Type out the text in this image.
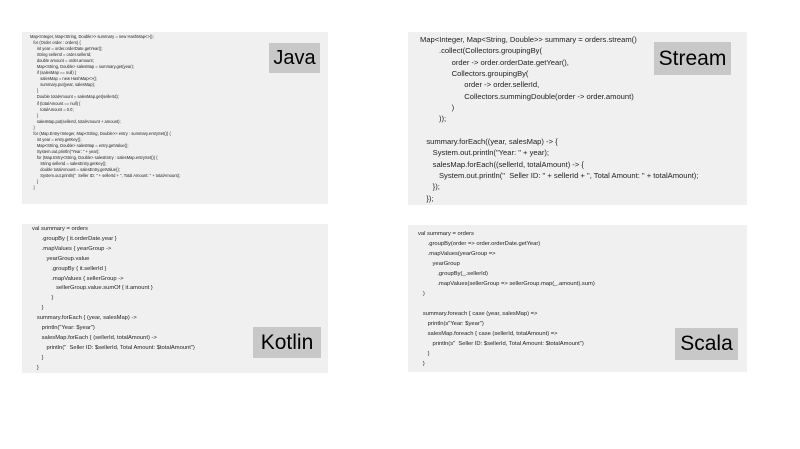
Map<Integer, Map<String, Double>> summary = new HashMap<>();
for (Order order : orders) {
int year = order.orderDate.getYear();
String sellerId = order.sellerId;
double amount = order.amount;
Map<String, Double> salesMap = summary.get(year);
if (salesMap == null) {
salesMap = new HashMap<>();
summary.put(year, salesMap);
}
Double totalAmount = salesMap.get(sellerId);
if (totalAmount == null) {
totalAmount = 0.0;
}
salesMap.put(sellerId, totalAmount + amount);
}
for (Map.Entry<Integer, Map<String, Double>> entry : summary.entrySet()) {
int year = entry.getKey();
Map<String, Double> salesMap = entry.getValue();
System.out.println("Year: " + year);
for (Map.Entry<String, Double> salesEntry : salesMap.entrySet()) {
String sellerId = salesEntry.getKey();
double totalAmount = salesEntry.getValue();
System.out.println("  Seller ID: " + sellerId + ", Total Amount: " + totalAmount);
}
}
Java
Map<Integer, Map<String, Double>> summary = orders.stream()
.collect(Collectors.groupingBy(
order -> order.orderDate.getYear(),
Collectors.groupingBy(
order -> order.sellerId,
Collectors.summingDouble(order -> order.amount)
)
));

summary.forEach((year, salesMap) -> {
System.out.println("Year: " + year);
salesMap.forEach((sellerId, totalAmount) -> {
System.out.println("  Seller ID: " + sellerId + ", Total Amount: " + totalAmount);
});
});
Stream
val summary = orders
.groupBy { it.orderDate.year }
.mapValues { yearGroup ->
yearGroup.value
.groupBy { it.sellerId }
.mapValues { sellerGroup ->
sellerGroup.value.sumOf { it.amount }
}
}
summary.forEach { (year, salesMap) ->
println("Year: $year")
salesMap.forEach { (sellerId, totalAmount) ->
println("  Seller ID: $sellerId, Total Amount: $totalAmount")
}
}
Kotlin
val summary = orders
.groupBy(order => order.orderDate.getYear)
.mapValues(yearGroup =>
yearGroup
.groupBy(_.sellerId)
.mapValues(sellerGroup => sellerGroup.map(_.amount).sum)
)

summary.foreach { case (year, salesMap) =>
println(s"Year: $year")
salesMap.foreach { case (sellerId, totalAmount) =>
println(s"  Seller ID: $sellerId, Total Amount: $totalAmount")
}
}
Scala
